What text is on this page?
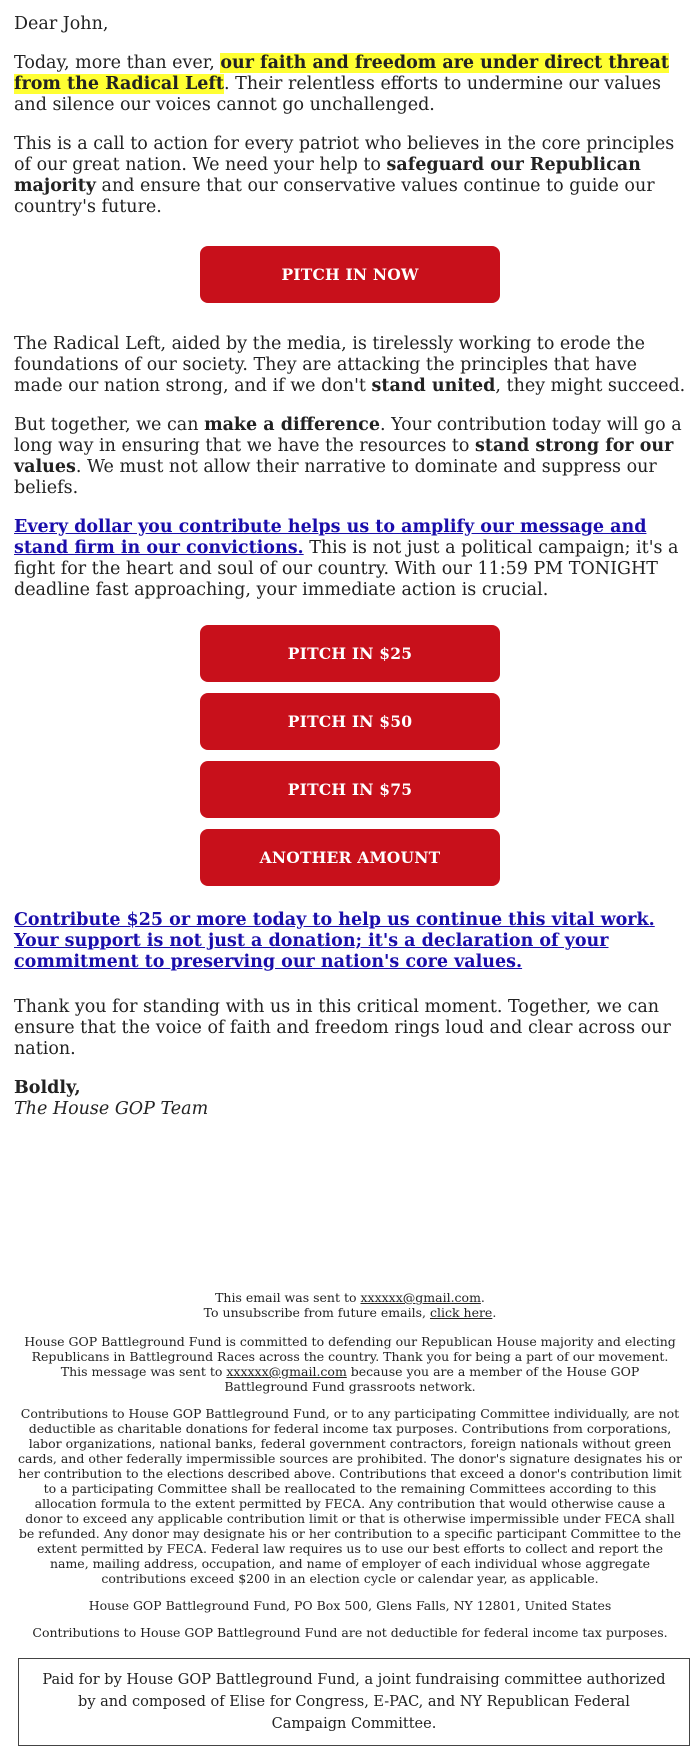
Dear John,

Today, more than ever, our faith and freedom are under direct threat from the Radical Left. Their relentless efforts to undermine our values and silence our voices cannot go unchallenged.

This is a call to action for every patriot who believes in the core principles of our great nation. We need your help to safeguard our Republican majority and ensure that our conservative values continue to guide our country's future.

PITCH IN NOW

The Radical Left, aided by the media, is tirelessly working to erode the foundations of our society. They are attacking the principles that have made our nation strong, and if we don't stand united, they might succeed.

But together, we can make a difference. Your contribution today will go a long way in ensuring that we have the resources to stand strong for our values. We must not allow their narrative to dominate and suppress our beliefs.

Every dollar you contribute helps us to amplify our message and stand firm in our convictions. This is not just a political campaign; it's a fight for the heart and soul of our country. With our 11:59 PM TONIGHT deadline fast approaching, your immediate action is crucial.

PITCH IN $25
PITCH IN $50
PITCH IN $75
ANOTHER AMOUNT

Contribute $25 or more today to help us continue this vital work. Your support is not just a donation; it's a declaration of your commitment to preserving our nation's core values.

Thank you for standing with us in this critical moment. Together, we can ensure that the voice of faith and freedom rings loud and clear across our nation.

Boldly,
The House GOP Team

This email was sent to xxxxxx@gmail.com.
To unsubscribe from future emails, click here.

House GOP Battleground Fund is committed to defending our Republican House majority and electing Republicans in Battleground Races across the country. Thank you for being a part of our movement. This message was sent to xxxxxx@gmail.com because you are a member of the House GOP Battleground Fund grassroots network.

Contributions to House GOP Battleground Fund, or to any participating Committee individually, are not deductible as charitable donations for federal income tax purposes. Contributions from corporations, labor organizations, national banks, federal government contractors, foreign nationals without green cards, and other federally impermissible sources are prohibited. The donor's signature designates his or her contribution to the elections described above. Contributions that exceed a donor's contribution limit to a participating Committee shall be reallocated to the remaining Committees according to this allocation formula to the extent permitted by FECA. Any contribution that would otherwise cause a donor to exceed any applicable contribution limit or that is otherwise impermissible under FECA shall be refunded. Any donor may designate his or her contribution to a specific participant Committee to the extent permitted by FECA. Federal law requires us to use our best efforts to collect and report the name, mailing address, occupation, and name of employer of each individual whose aggregate contributions exceed $200 in an election cycle or calendar year, as applicable.

House GOP Battleground Fund, PO Box 500, Glens Falls, NY 12801, United States

Contributions to House GOP Battleground Fund are not deductible for federal income tax purposes.

Paid for by House GOP Battleground Fund, a joint fundraising committee authorized by and composed of Elise for Congress, E-PAC, and NY Republican Federal Campaign Committee.
